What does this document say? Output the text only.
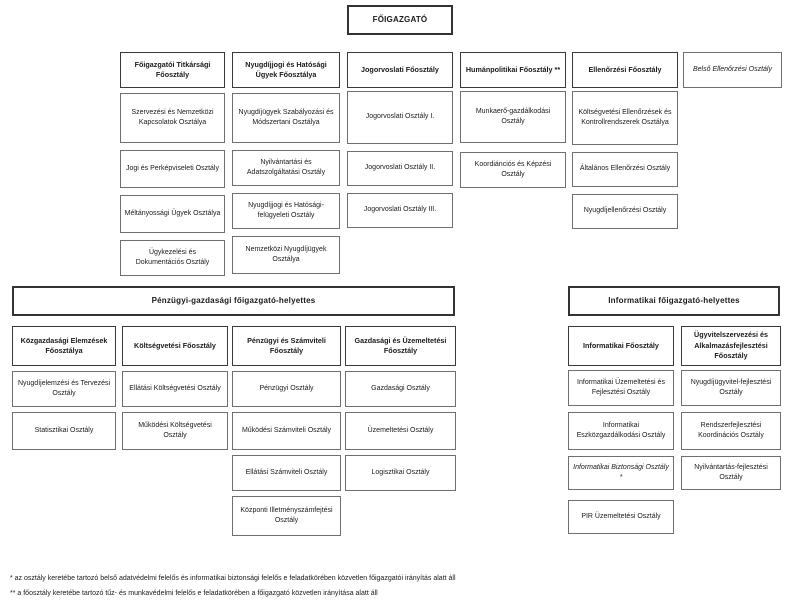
FŐIGAZGATÓ
Főigazgatói Titkársági Főosztály
Nyugdíjjogi és Hatósági Ügyek Főosztálya
Jogorvoslati Főosztály	Humánpolitikai Főosztály **	Ellenőrzési Főosztály	Belső Ellenőrzési Osztály
Szervezési és Nemzetközi Kapcsolatok Osztálya
Jogi és Perképviseleti Osztály
Méltányossági Ügyek Osztálya
Ügykezelési és Dokumentációs Osztály
Nyugdíjügyek Szabályozási és Módszertani Osztálya
Nyilvántartási és Adatszolgáltatási Osztály
Nyugdíjjogi és Hatósági-felügyeleti Osztály
Nemzetközi Nyugdíjügyek Osztálya
Jogorvoslati Osztály I.
Jogorvoslati Osztály II.
Jogorvoslati Osztály III.
Munkaerő-gazdálkodási Osztály
Koordiánciós és Képzési Osztály
Költségvetési Ellenőrzések és Kontrollrendszerek Osztálya
Általános Ellenőrzési Osztály
Nyugdíjellenőrzési Osztály
Pénzügyi-gazdasági főigazgató-helyettes	Informatikai főigazgató-helyettes
Közgazdasági Elemzések Főosztálya
Költségvetési Főosztály
Pénzügyi és Számviteli Főosztály
Gazdasági és Üzemeltetési Főosztály
Nyugdíjelemzési és Tervezési Osztály
Statisztikai Osztály
Ellátási Költségvetési Osztály
Működési Költségvetési Osztály
Pénzügyi Osztály
Működési Számviteli Osztály
Ellátási Számviteli Osztály
Központi Illetményszámfejtési Osztály
Gazdasági Osztály
Üzemeltetési Osztály
Logisztikai Osztály
Informatikai Főosztály
Ügyvitelszervezési és Alkalmazásfejlesztési Főosztály
Informatikai Üzemeltetési és Fejlesztési Osztály
Informatikai Eszközgazdálkodási Osztály
Informatikai Biztonsági Osztály *
PIR Üzemeltetési Osztály
Nyugdíjügyvitel-fejlesztési Osztály
Rendszerfejlesztési Koordinációs Osztály
Nyilvántartás-fejlesztési Osztály
* az osztály keretébe tartozó belső adatvédelmi felelős és informatikai biztonsági felelős e feladatkörében közvetlen főigazgatói irányítás alatt áll
** a főosztály keretébe tartozó tűz- és munkavédelmi felelős e feladatkörében a főigazgató közvetlen irányítása alatt áll
